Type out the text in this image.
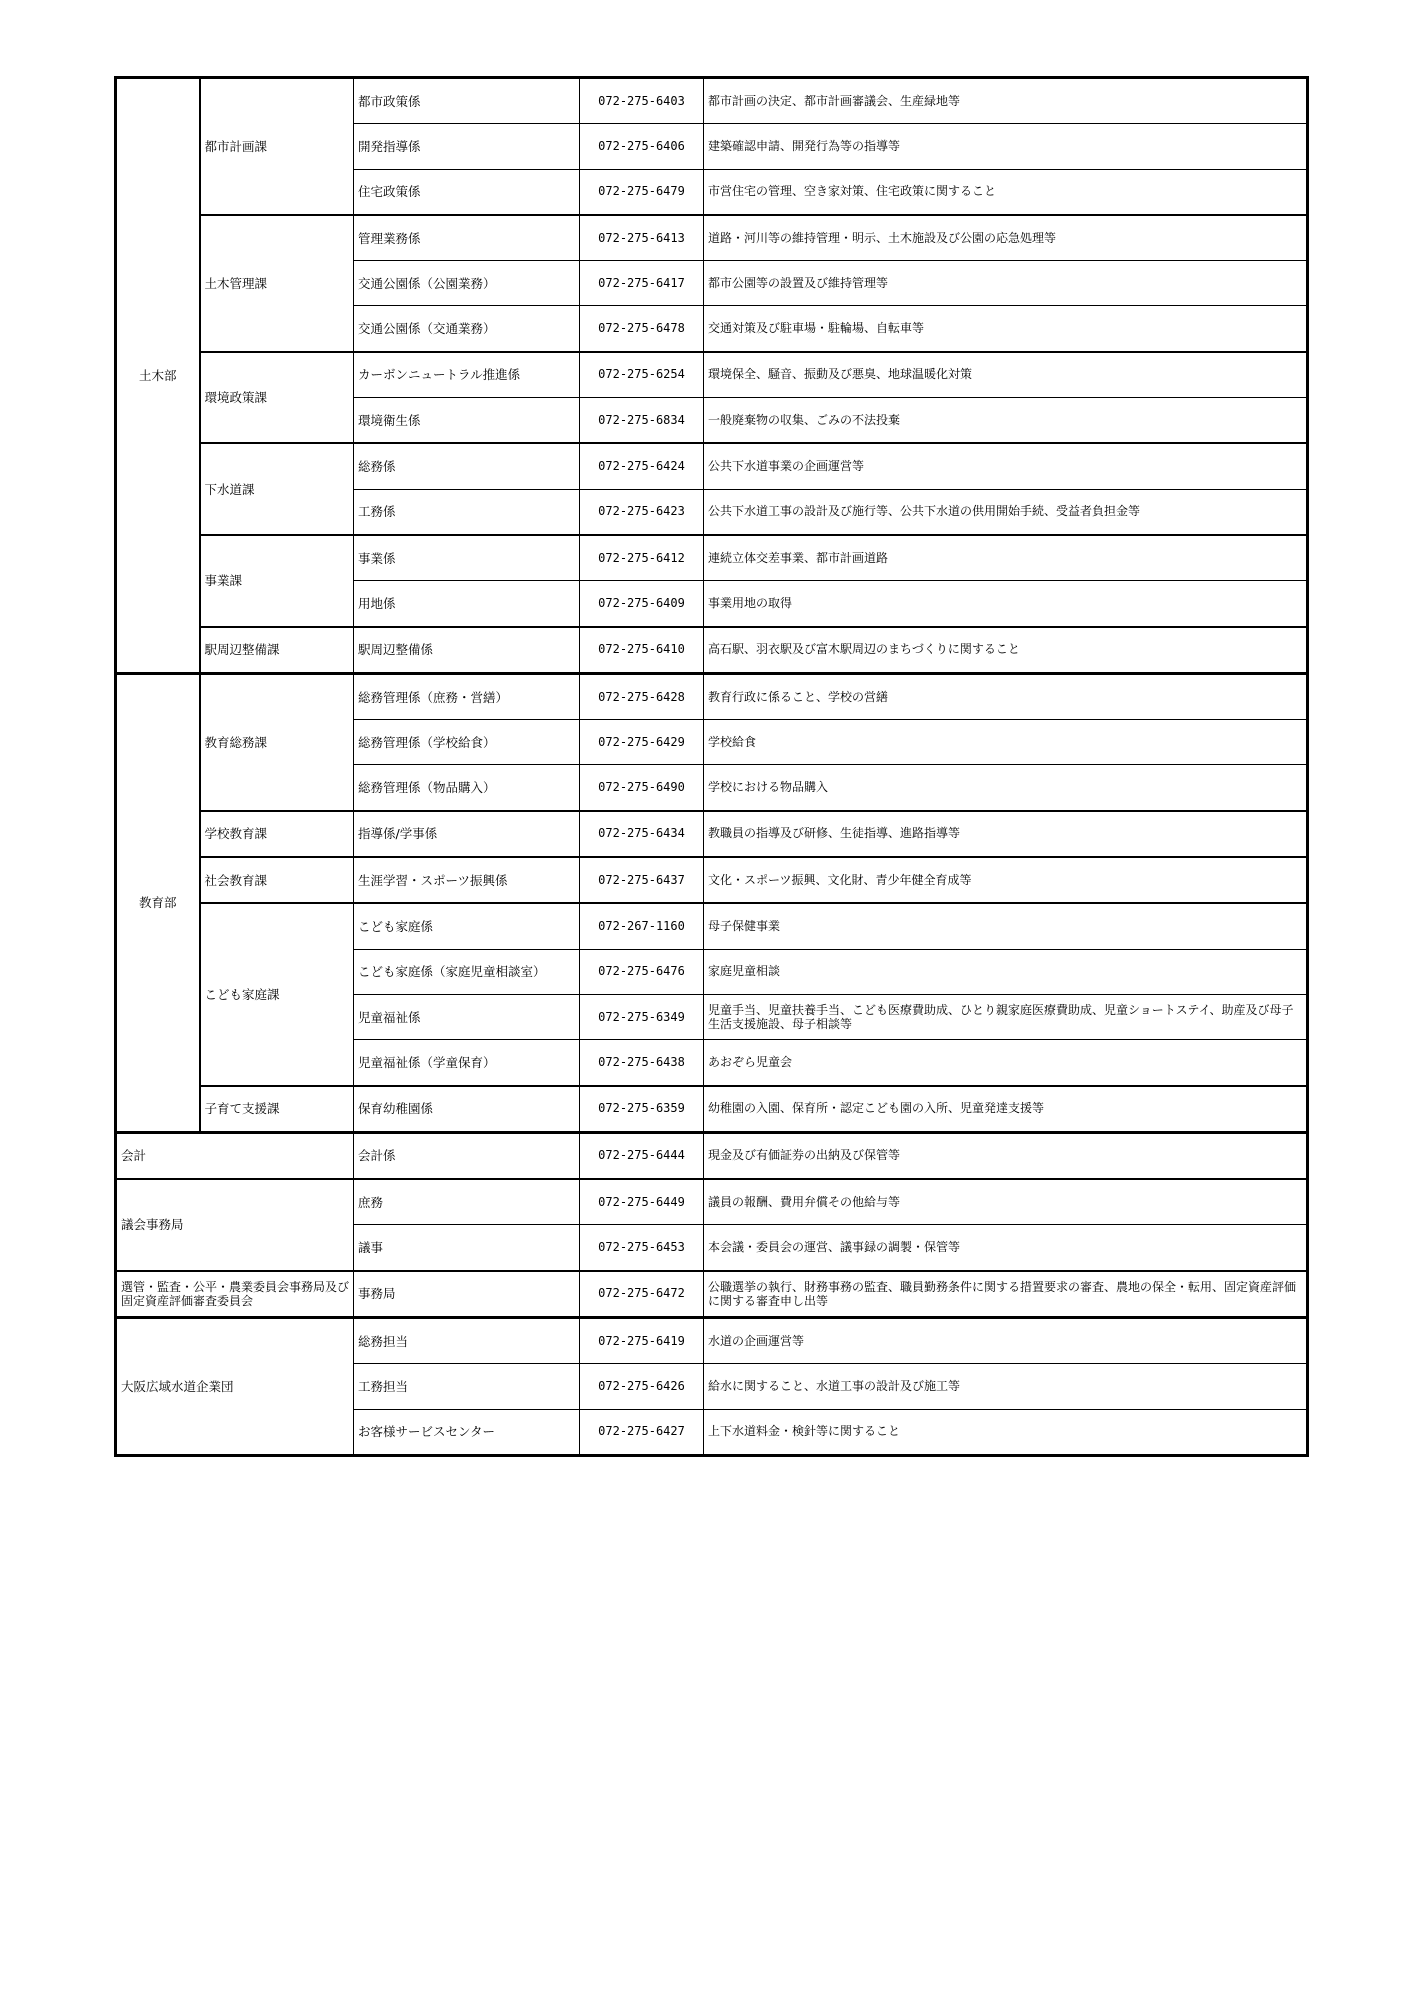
土木部	都市計画課	都市政策係	072-275-6403	都市計画の決定、都市計画審議会、生産緑地等
		開発指導係	072-275-6406	建築確認申請、開発行為等の指導等
		住宅政策係	072-275-6479	市営住宅の管理、空き家対策、住宅政策に関すること
	土木管理課	管理業務係	072-275-6413	道路・河川等の維持管理・明示、土木施設及び公園の応急処理等
		交通公園係（公園業務）	072-275-6417	都市公園等の設置及び維持管理等
		交通公園係（交通業務）	072-275-6478	交通対策及び駐車場・駐輪場、自転車等
	環境政策課	カーボンニュートラル推進係	072-275-6254	環境保全、騒音、振動及び悪臭、地球温暖化対策
		環境衛生係	072-275-6834	一般廃棄物の収集、ごみの不法投棄
	下水道課	総務係	072-275-6424	公共下水道事業の企画運営等
		工務係	072-275-6423	公共下水道工事の設計及び施行等、公共下水道の供用開始手続、受益者負担金等
	事業課	事業係	072-275-6412	連続立体交差事業、都市計画道路
		用地係	072-275-6409	事業用地の取得
	駅周辺整備課	駅周辺整備係	072-275-6410	高石駅、羽衣駅及び富木駅周辺のまちづくりに関すること
教育部	教育総務課	総務管理係（庶務・営繕）	072-275-6428	教育行政に係ること、学校の営繕
		総務管理係（学校給食）	072-275-6429	学校給食
		総務管理係（物品購入）	072-275-6490	学校における物品購入
	学校教育課	指導係/学事係	072-275-6434	教職員の指導及び研修、生徒指導、進路指導等
	社会教育課	生涯学習・スポーツ振興係	072-275-6437	文化・スポーツ振興、文化財、青少年健全育成等
	こども家庭課	こども家庭係	072-267-1160	母子保健事業
		こども家庭係（家庭児童相談室）	072-275-6476	家庭児童相談
		児童福祉係	072-275-6349	児童手当、児童扶養手当、こども医療費助成、ひとり親家庭医療費助成、児童ショートステイ、助産及び母子生活支援施設、母子相談等
		児童福祉係（学童保育）	072-275-6438	あおぞら児童会
	子育て支援課	保育幼稚園係	072-275-6359	幼稚園の入園、保育所・認定こども園の入所、児童発達支援等
会計		会計係	072-275-6444	現金及び有価証券の出納及び保管等
議会事務局		庶務	072-275-6449	議員の報酬、費用弁償その他給与等
		議事	072-275-6453	本会議・委員会の運営、議事録の調製・保管等
選管・監査・公平・農業委員会事務局及び固定資産評価審査委員会		事務局	072-275-6472	公職選挙の執行、財務事務の監査、職員勤務条件に関する措置要求の審査、農地の保全・転用、固定資産評価に関する審査申し出等
大阪広域水道企業団		総務担当	072-275-6419	水道の企画運営等
		工務担当	072-275-6426	給水に関すること、水道工事の設計及び施工等
		お客様サービスセンター	072-275-6427	上下水道料金・検針等に関すること
